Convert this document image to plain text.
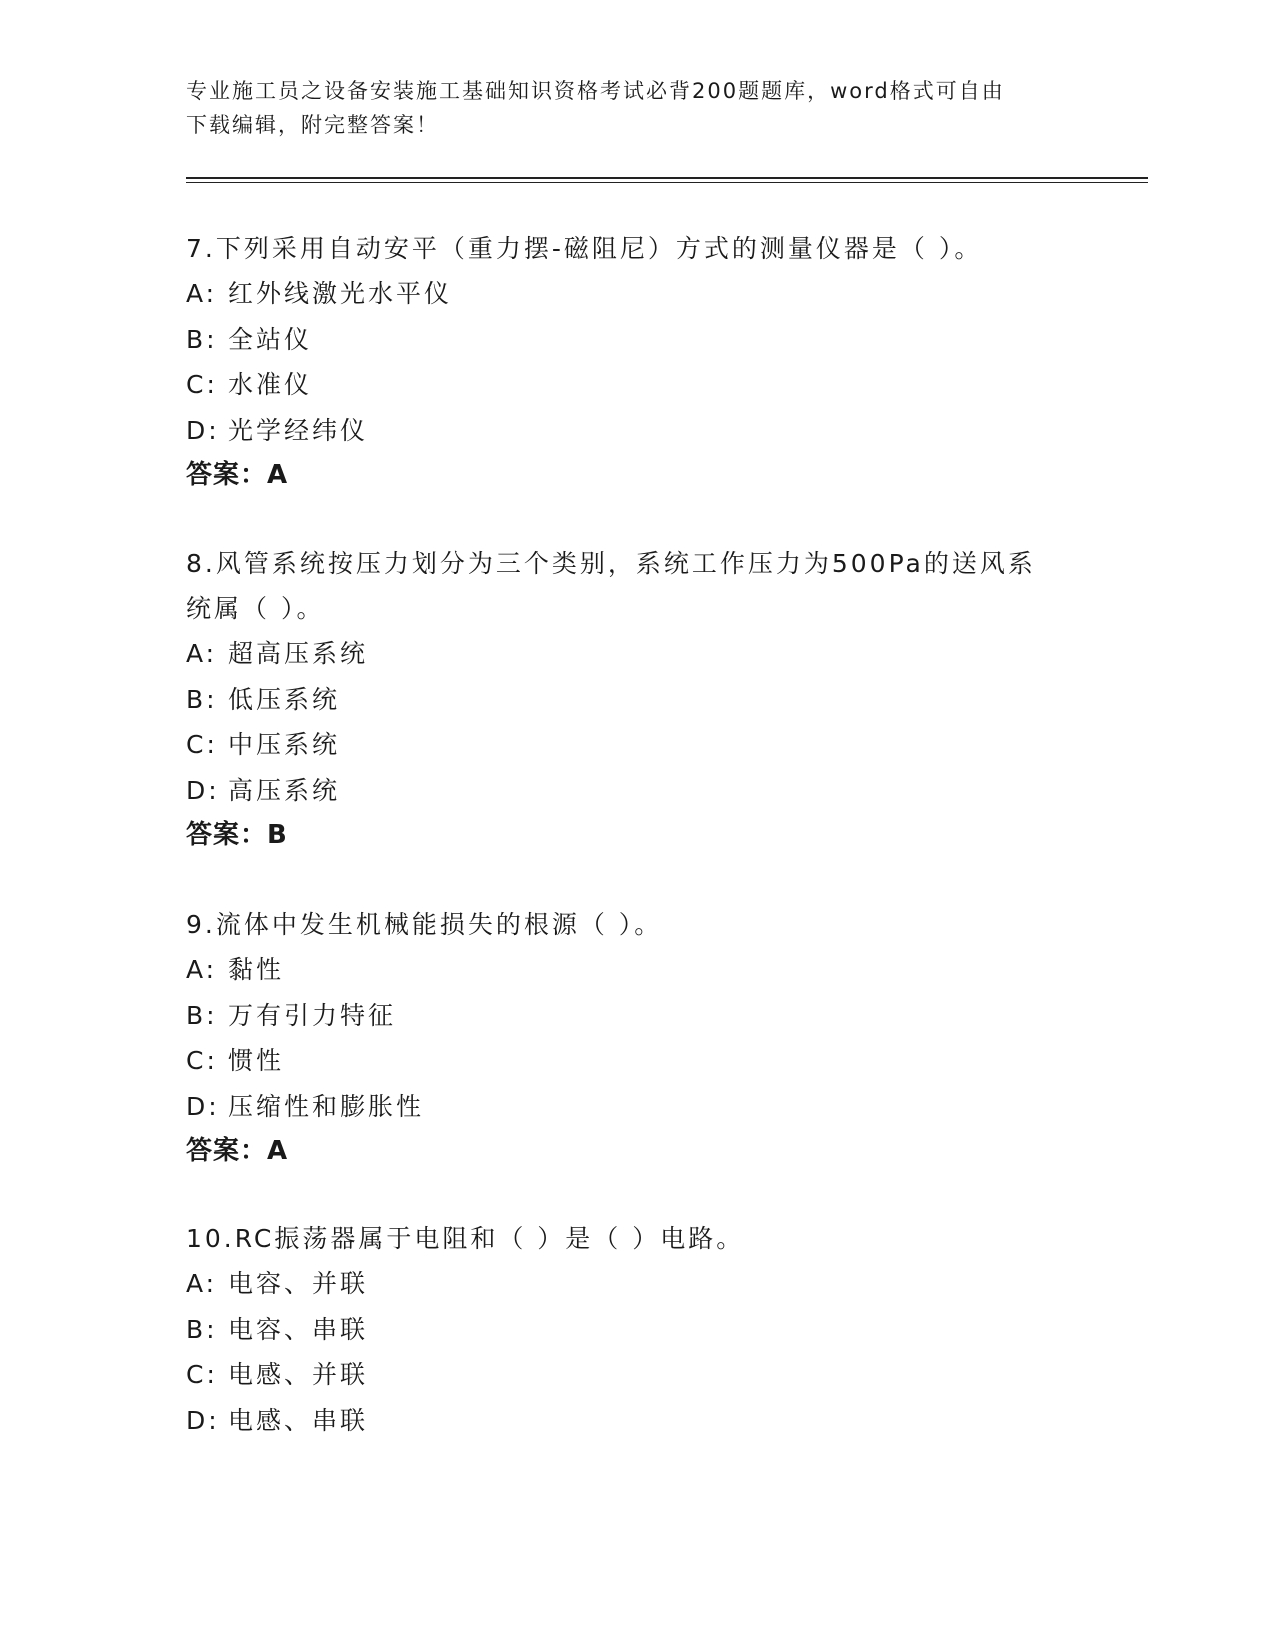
专业施工员之设备安装施工基础知识资格考试必背200题题库，word格式可自由
下载编辑，附完整答案！
7.下列采用自动安平（重力摆-磁阻尼）方式的测量仪器是（ ）。
A: 红外线激光水平仪
B: 全站仪
C: 水准仪
D: 光学经纬仪
答案：A
8.风管系统按压力划分为三个类别，系统工作压力为500Pa的送风系
统属（ ）。
A: 超高压系统
B: 低压系统
C: 中压系统
D: 高压系统
答案：B
9.流体中发生机械能损失的根源（ ）。
A: 黏性
B: 万有引力特征
C: 惯性
D: 压缩性和膨胀性
答案：A
10.RC振荡器属于电阻和（ ）是（ ）电路。
A: 电容、并联
B: 电容、串联
C: 电感、并联
D: 电感、串联
